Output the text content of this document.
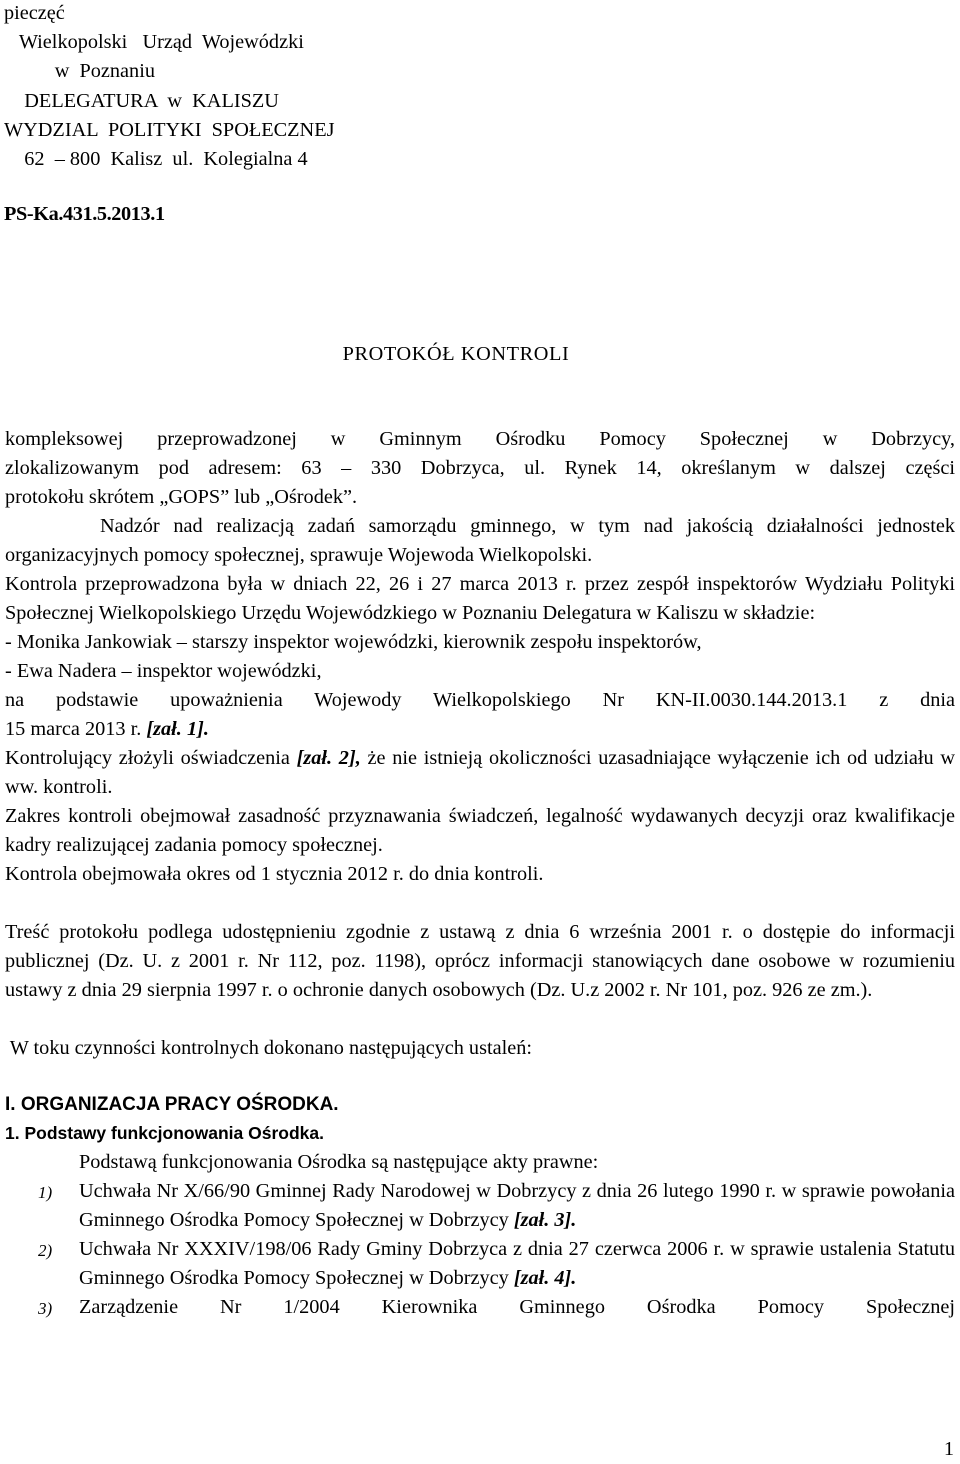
pieczęć
Wielkopolski   Urząd  Wojewódzki
w  Poznaniu
DELEGATURA  w  KALISZU
WYDZIAL  POLITYKI  SPOŁECZNEJ
62  – 800  Kalisz  ul.  Kolegialna 4
PS-Ka.431.5.2013.1
PROTOKÓŁ KONTROLI
kompleksowej przeprowadzonej w Gminnym Ośrodku Pomocy Społecznej w Dobrzycy,
zlokalizowanym pod adresem: 63 – 330 Dobrzyca, ul. Rynek 14, określanym w dalszej części
protokołu skrótem „GOPS” lub „Ośrodek”.
Nadzór nad realizacją zadań samorządu gminnego, w tym nad jakością działalności jednostek organizacyjnych pomocy społecznej, sprawuje Wojewoda Wielkopolski.
Kontrola przeprowadzona była w dniach 22, 26 i 27 marca 2013 r. przez zespół inspektorów Wydziału Polityki Społecznej Wielkopolskiego Urzędu Wojewódzkiego w Poznaniu Delegatura w Kaliszu w składzie:
- Monika Jankowiak – starszy inspektor wojewódzki, kierownik zespołu inspektorów,
- Ewa Nadera – inspektor wojewódzki,
na podstawie upoważnienia Wojewody Wielkopolskiego Nr KN-II.0030.144.2013.1 z dnia
15 marca 2013 r. [zał. 1].
Kontrolujący złożyli oświadczenia [zał. 2], że nie istnieją okoliczności uzasadniające wyłączenie ich od udziału w ww. kontroli.
Zakres kontroli obejmował zasadność przyznawania świadczeń, legalność wydawanych decyzji oraz kwalifikacje kadry realizującej zadania pomocy społecznej.
Kontrola obejmowała okres od 1 stycznia 2012 r. do dnia kontroli.
Treść protokołu podlega udostępnieniu zgodnie z ustawą z dnia 6 września 2001 r. o dostępie do informacji publicznej (Dz. U. z 2001 r. Nr 112, poz. 1198), oprócz informacji stanowiących dane osobowe w rozumieniu ustawy z dnia 29 sierpnia 1997 r. o ochronie danych osobowych (Dz. U.z 2002 r. Nr 101, poz. 926 ze zm.).
W toku czynności kontrolnych dokonano następujących ustaleń:
I. ORGANIZACJA PRACY OŚRODKA.
1. Podstawy funkcjonowania Ośrodka.
Podstawą funkcjonowania Ośrodka są następujące akty prawne:
1) Uchwała Nr X/66/90 Gminnej Rady Narodowej w Dobrzycy z dnia 26 lutego 1990 r. w sprawie powołania Gminnego Ośrodka Pomocy Społecznej w Dobrzycy [zał. 3].
2) Uchwała Nr XXXIV/198/06 Rady Gminy Dobrzyca z dnia 27 czerwca 2006 r. w sprawie ustalenia Statutu Gminnego Ośrodka Pomocy Społecznej w Dobrzycy [zał. 4].
3) Zarządzenie Nr 1/2004 Kierownika Gminnego Ośrodka Pomocy Społecznej
1
